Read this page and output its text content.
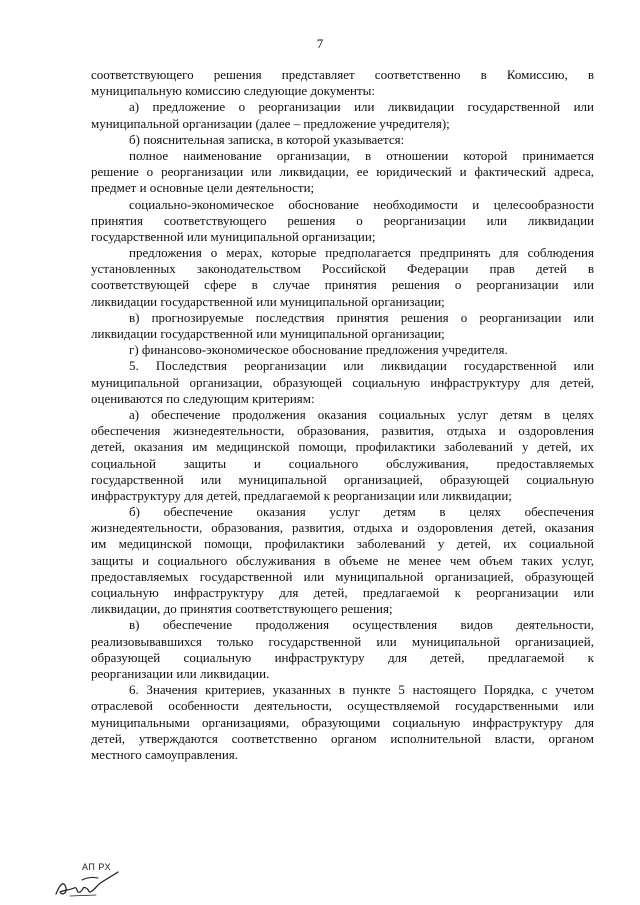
7
соответствующего решения представляет соответственно в Комиссию, в
муниципальную комиссию следующие документы:
а) предложение о реорганизации или ликвидации государственной или
муниципальной организации (далее – предложение учредителя);
б) пояснительная записка, в которой указывается:
полное наименование организации, в отношении которой принимается
решение о реорганизации или ликвидации, ее юридический и фактический адреса,
предмет и основные цели деятельности;
социально-экономическое обоснование необходимости и целесообразности
принятия соответствующего решения о реорганизации или ликвидации
государственной или муниципальной организации;
предложения о мерах, которые предполагается предпринять для соблюдения
установленных законодательством Российской Федерации прав детей в
соответствующей сфере в случае принятия решения о реорганизации или
ликвидации государственной или муниципальной организации;
в) прогнозируемые последствия принятия решения о реорганизации или
ликвидации государственной или муниципальной организации;
г) финансово-экономическое обоснование предложения учредителя.
5. Последствия реорганизации или ликвидации государственной или
муниципальной организации, образующей социальную инфраструктуру для детей,
оцениваются по следующим критериям:
а) обеспечение продолжения оказания социальных услуг детям в целях
обеспечения жизнедеятельности, образования, развития, отдыха и оздоровления
детей, оказания им медицинской помощи, профилактики заболеваний у детей, их
социальной защиты и социального обслуживания, предоставляемых
государственной или муниципальной организацией, образующей социальную
инфраструктуру для детей, предлагаемой к реорганизации или ликвидации;
б) обеспечение оказания услуг детям в целях обеспечения
жизнедеятельности, образования, развития, отдыха и оздоровления детей, оказания
им медицинской помощи, профилактики заболеваний у детей, их социальной
защиты и социального обслуживания в объеме не менее чем объем таких услуг,
предоставляемых государственной или муниципальной организацией, образующей
социальную инфраструктуру для детей, предлагаемой к реорганизации или
ликвидации, до принятия соответствующего решения;
в) обеспечение продолжения осуществления видов деятельности,
реализовывавшихся только государственной или муниципальной организацией,
образующей социальную инфраструктуру для детей, предлагаемой к
реорганизации или ликвидации.
6. Значения критериев, указанных в пункте 5 настоящего Порядка, с учетом
отраслевой особенности деятельности, осуществляемой государственными или
муниципальными организациями, образующими социальную инфраструктуру для
детей, утверждаются соответственно органом исполнительной власти, органом
местного самоуправления.
АП РХ
